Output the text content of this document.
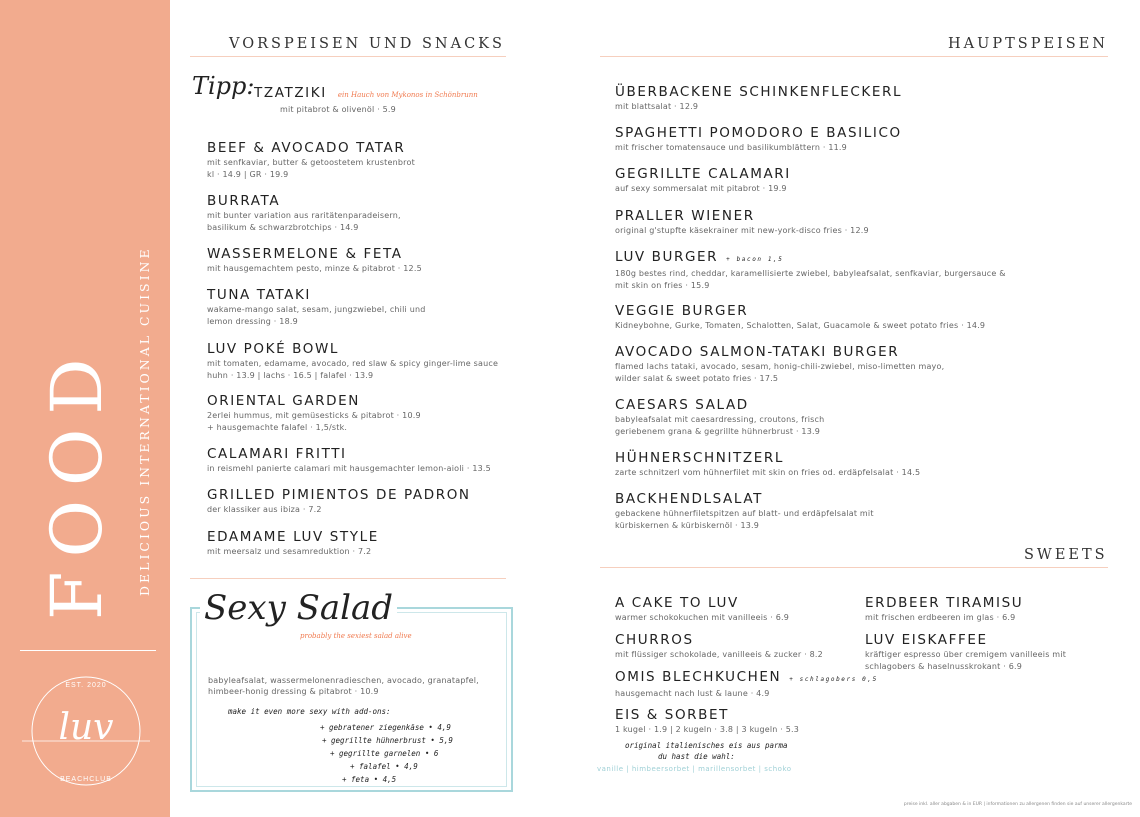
FOOD DELICIOUS INTERNATIONAL CUISINE
EST. 2020
luv
BEACHCLUB
VORSPEISEN UND SNACKS
Tipp: TZATZIKI ein Hauch von Mykonos in Schönbrunn
mit pitabrot & olivenöl · 5.9
BEEF & AVOCADO TATAR
mit senfkaviar, butter & getoostetem krustenbrot
kl · 14.9 | GR · 19.9
BURRATA
mit bunter variation aus raritätenparadeisern,
basilikum & schwarzbrotchips · 14.9
WASSERMELONE & FETA
mit hausgemachtem pesto, minze & pitabrot · 12.5
TUNA TATAKI
wakame-mango salat, sesam, jungzwiebel, chili und
lemon dressing · 18.9
LUV POKÉ BOWL
mit tomaten, edamame, avocado, red slaw & spicy ginger-lime sauce
huhn · 13.9 | lachs · 16.5 | falafel · 13.9
ORIENTAL GARDEN
2erlei hummus, mit gemüsesticks & pitabrot · 10.9
+ hausgemachte falafel · 1,5/stk.
CALAMARI FRITTI
in reismehl panierte calamari mit hausgemachter lemon-aioli · 13.5
GRILLED PIMIENTOS DE PADRON
der klassiker aus ibiza · 7.2
EDAMAME LUV STYLE
mit meersalz und sesamreduktion · 7.2
Sexy Salad
probably the sexiest salad alive
babyleafsalat, wassermelonenradieschen, avocado, granatapfel,
himbeer-honig dressing & pitabrot · 10.9
make it even more sexy with add-ons:
+ gebratener ziegenkäse • 4,9
+ gegrillte hühnerbrust • 5,9
+ gegrillte garnelen • 6
+ falafel • 4,9
+ feta • 4,5
HAUPTSPEISEN
ÜBERBACKENE SCHINKENFLECKERL
mit blattsalat · 12.9
SPAGHETTI POMODORO E BASILICO
mit frischer tomatensauce und basilikumblättern · 11.9
GEGRILLTE CALAMARI
auf sexy sommersalat mit pitabrot · 19.9
PRALLER WIENER
original g'stupfte käsekrainer mit new-york-disco fries · 12.9
LUV BURGER + bacon 1,5
180g bestes rind, cheddar, karamellisierte zwiebel, babyleafsalat, senfkaviar, burgersauce &
mit skin on fries · 15.9
VEGGIE BURGER
Kidneybohne, Gurke, Tomaten, Schalotten, Salat, Guacamole & sweet potato fries · 14.9
AVOCADO SALMON-TATAKI BURGER
flamed lachs tataki, avocado, sesam, honig-chili-zwiebel, miso-limetten mayo,
wilder salat & sweet potato fries · 17.5
CAESARS SALAD
babyleafsalat mit caesardressing, croutons, frisch
geriebenem grana & gegrillte hühnerbrust · 13.9
HÜHNERSCHNITZERL
zarte schnitzerl vom hühnerfilet mit skin on fries od. erdäpfelsalat · 14.5
BACKHENDLSALAT
gebackene hühnerfiletspitzen auf blatt- und erdäpfelsalat mit
kürbiskernen & kürbiskernöl · 13.9
SWEETS
A CAKE TO LUV
warmer schokokuchen mit vanilleeis · 6.9
CHURROS
mit flüssiger schokolade, vanilleeis & zucker · 8.2
OMIS BLECHKUCHEN + schlagobers 0,5
hausgemacht nach lust & laune · 4.9
EIS & SORBET
1 kugel · 1.9 | 2 kugeln · 3.8 | 3 kugeln · 5.3
ERDBEER TIRAMISU
mit frischen erdbeeren im glas · 6.9
LUV EISKAFFEE
kräftiger espresso über cremigem vanilleeis mit
schlagobers & haselnusskrokant · 6.9
original italienisches eis aus parma
du hast die wahl:
vanille | himbeersorbet | marillensorbet | schoko
preise inkl. aller abgaben & in EUR | informationen zu allergenen finden sie auf unserer allergenkarte
